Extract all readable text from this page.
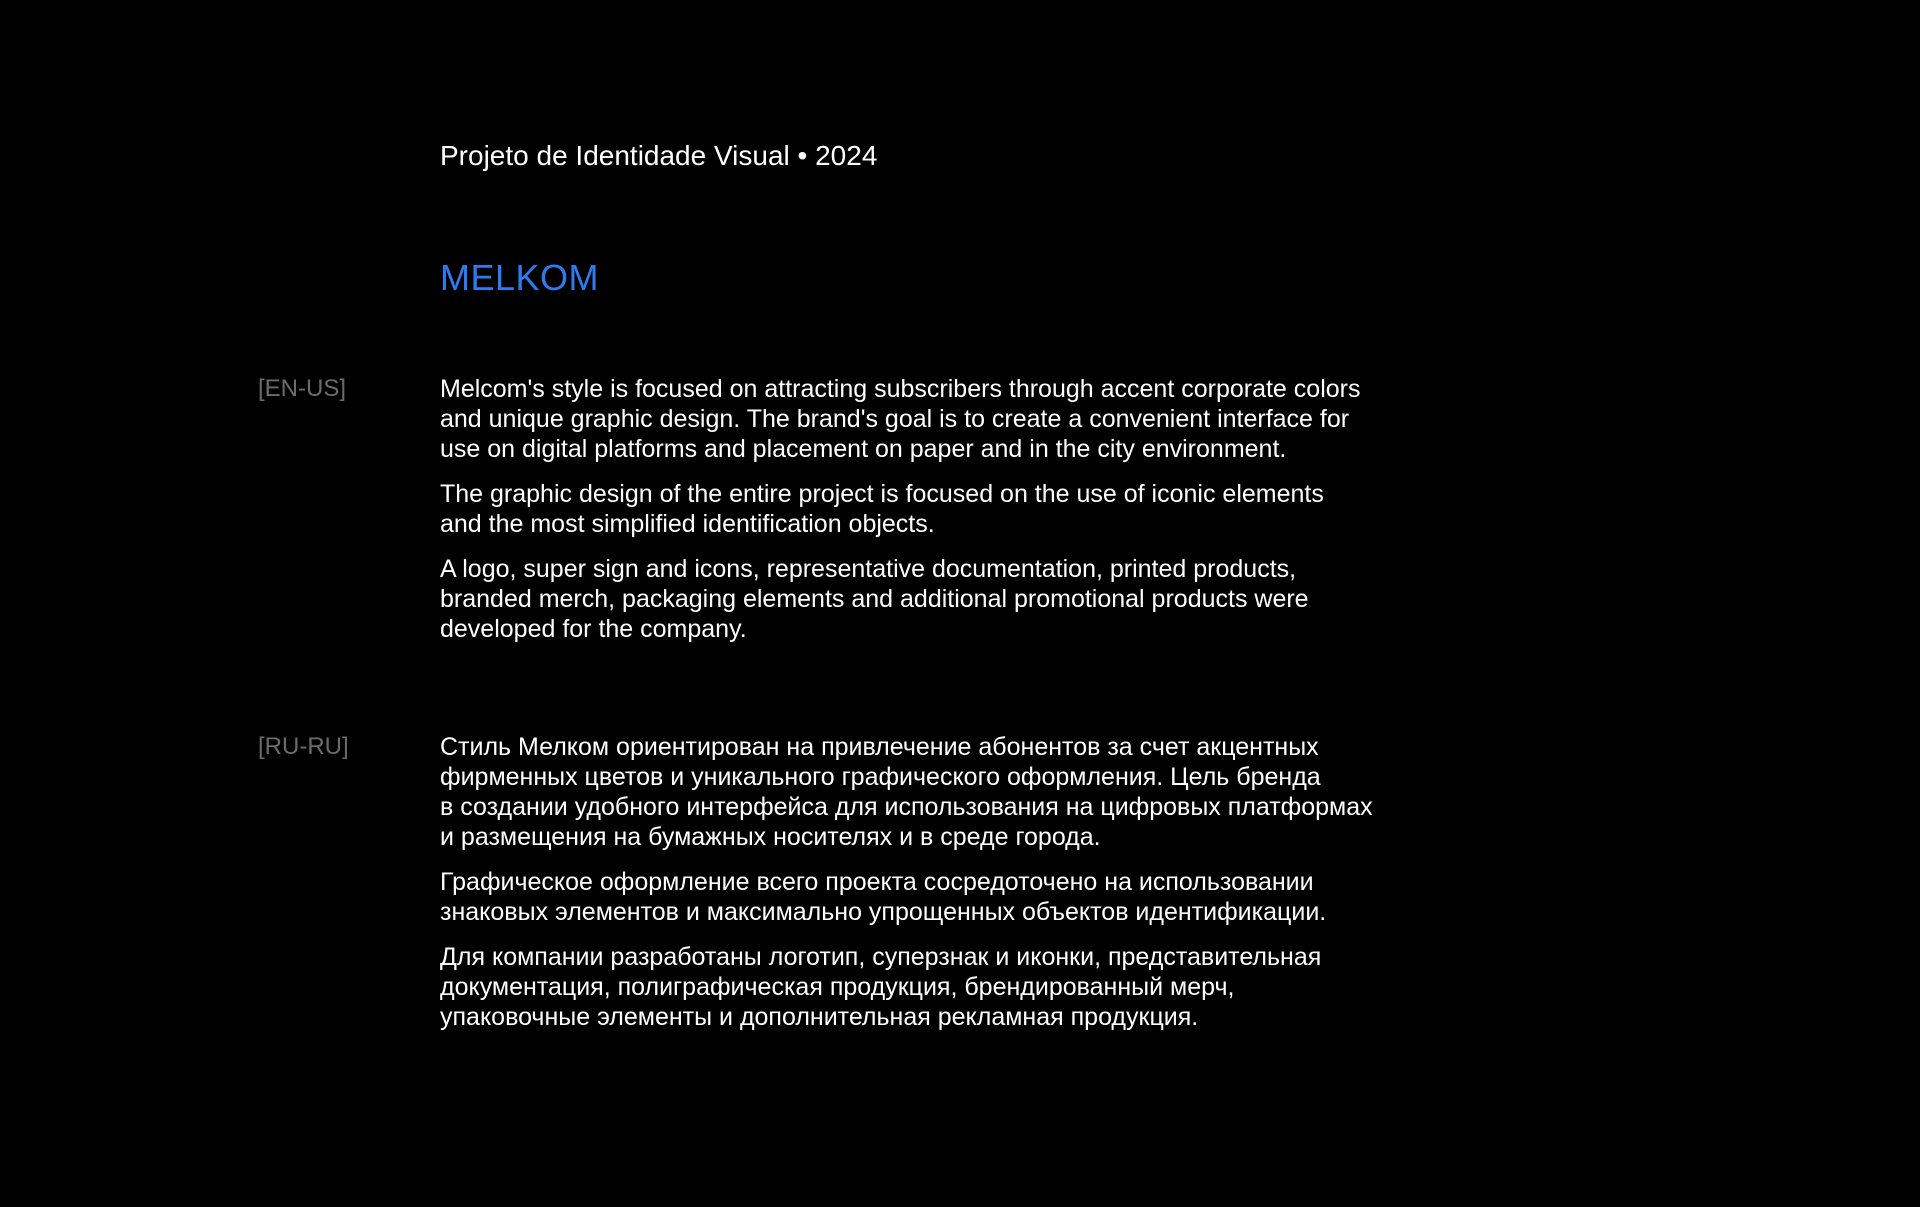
Projeto de Identidade Visual • 2024
MELKOM
[EN-US]	Melcom's style is focused on attracting subscribers through accent corporate colors
and unique graphic design. The brand's goal is to create a convenient interface for
use on digital platforms and placement on paper and in the city environment.

The graphic design of the entire project is focused on the use of iconic elements
and the most simplified identification objects.

A logo, super sign and icons, representative documentation, printed products,
branded merch, packaging elements and additional promotional products were
developed for the company.

[RU-RU]	Стиль Мелком ориентирован на привлечение абонентов за счет акцентных
фирменных цветов и уникального графического оформления. Цель бренда
в создании удобного интерфейса для использования на цифровых платформах
и размещения на бумажных носителях и в среде города.

Графическое оформление всего проекта сосредоточено на использовании
знаковых элементов и максимально упрощенных объектов идентификации.

Для компании разработаны логотип, суперзнак и иконки, представительная
документация, полиграфическая продукция, брендированный мерч,
упаковочные элементы и дополнительная рекламная продукция.
